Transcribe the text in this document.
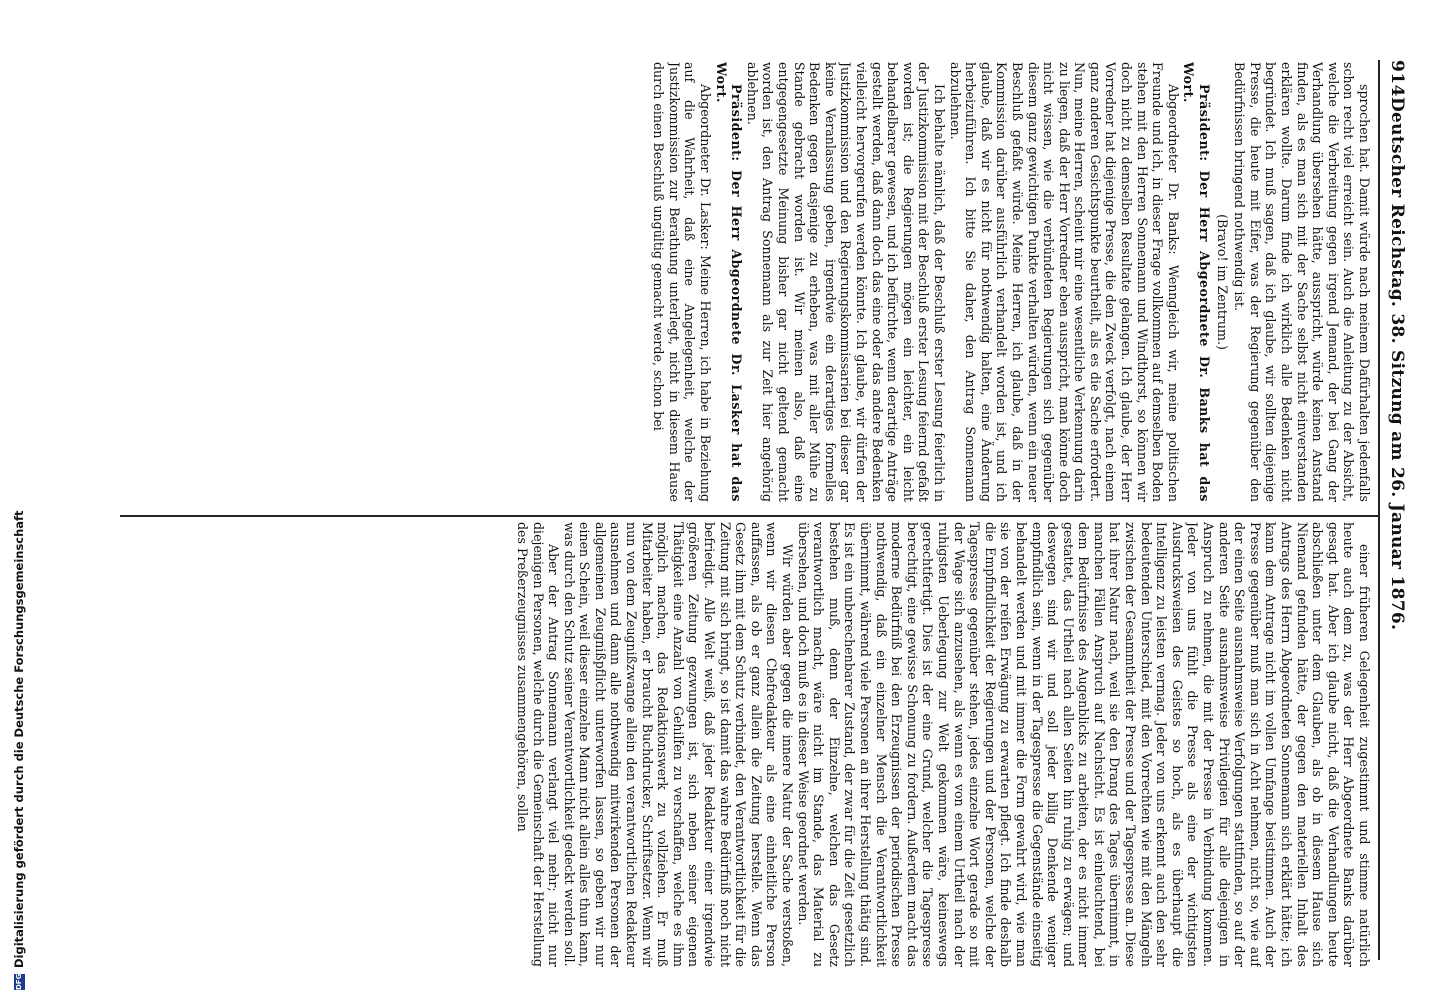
914
Deutscher Reichstag. 38. Sitzung am 26. Januar 1876.

sprochen hat. Damit würde nach meinem Dafürhalten jedenfalls schon recht viel erreicht sein. Auch die Anleitung zu der Absicht, welche die Verbreitung gegen irgend Jemand, der bei Gang der Verhandlung übersehen hätte, ausspricht, würde keinen Anstand finden, als es man sich mit der Sache selbst nicht einverstanden erklären wollte. Darum finde ich wirklich alle Bedenken nicht begründet. Ich muß sagen, daß ich glaube, wir sollten diejenige Presse, die heute mit Eifer, was der Regierung gegenüber den Bedürfnissen bringend nothwendig ist.

(Bravo! im Zentrum.)

Präsident: Der Herr Abgeordnete Dr. Banks hat das Wort.

Abgeordneter Dr. Banks: Wenngleich wir, meine politischen Freunde und ich, in dieser Frage vollkommen auf demselben Boden stehen mit den Herren Sonnemann und Windthorst, so können wir doch nicht zu demselben Resultate gelangen. Ich glaube, der Herr Vorredner hat diejenige Presse, die den Zweck verfolgt, nach einem ganz anderen Gesichtspunkte beurtheilt, als es die Sache erfordert. Nun, meine Herren, scheint mir eine wesentliche Verkennung darin zu liegen, daß der Herr Vorredner eben ausspricht, man könne doch nicht wissen, wie die verbündeten Regierungen sich gegenüber diesem ganz gewichtigen Punkte verhalten würden, wenn ein neuer Beschluß gefaßt würde. Meine Herren, ich glaube, daß in der Kommission darüber ausführlich verhandelt worden ist, und ich glaube, daß wir es nicht für nothwendig halten, eine Änderung herbeizuführen. Ich bitte Sie daher, den Antrag Sonnemann abzulehnen.

Ich behalte nämlich, daß der Beschluß erster Lesung feierlich in der Justizkommission mit der Beschluß erster Lesung feiernd gefaßt worden ist; die Regierungen mögen ein leichter, ein leicht behandelbarer gewesen, und ich befürchte, wenn derartige Anträge gestellt werden, daß dann doch das eine oder das andere Bedenken vielleicht hervorgerufen werden könnte. Ich glaube, wir dürfen der Justizkommission und den Regierungskommissarien bei dieser gar keine Veranlassung geben, irgendwie ein derartiges formelles Bedenken gegen dasjenige zu erheben, was mit aller Mühe zu Stande gebracht worden ist. Wir meinen also, daß eine entgegengesetzte Meinung bisher gar nicht geltend gemacht worden ist, den Antrag Sonnemann als zur Zeit hier angehörig ablehnen.

Präsident: Der Herr Abgeordnete Dr. Lasker hat das Wort.

Abgeordneter Dr. Lasker: Meine Herren, ich habe in Beziehung auf die Wahrheit, daß eine Angelegenheit, welche der Justizkommission zur Berathung unterlegt, nicht in diesem Hause durch einen Beschluß ungültig gemacht werde, schon bei

einer früheren Gelegenheit zugestimmt und stimme natürlich heute auch dem zu, was der Herr Abgeordnete Banks darüber gesagt hat. Aber ich glaube nicht, daß die Verhandlungen heute abschließen unter dem Glauben, als ob in diesem Hause sich Niemand gefunden hätte, der gegen den materiellen Inhalt des Antrags des Herrn Abgeordneten Sonnemann sich erklärt hätte; ich kann dem Antrage nicht im vollen Umfange beistimmen. Auch der Presse gegenüber muß man sich in Acht nehmen, nicht so, wie auf der einen Seite ausnahmsweise Verfolgungen stattfinden, so auf der anderen Seite ausnahmsweise Privilegien für alle diejenigen in Anspruch zu nehmen, die mit der Presse in Verbindung kommen. Jeder von uns fühlt die Presse als eine der wichtigsten Ausdrucksweisen des Geistes so hoch, als es überhaupt die Intelligenz zu leisten vermag. Jeder von uns erkennt auch den sehr bedeutenden Unterschied, mit den Vorrechten wie mit den Mängeln zwischen der Gesammtheit der Presse und der Tagespresse an. Diese hat ihrer Natur nach, weil sie den Drang des Tages übernimmt, in manchen Fällen Anspruch auf Nachsicht. Es ist einleuchtend, bei dem Bedürfnisse des Augenblicks zu arbeiten, der es nicht immer gestattet, das Urtheil nach allen Seiten hin ruhig zu erwägen; und deswegen sind wir und soll jeder billig Denkende weniger empfindlich sein, wenn in der Tagespresse die Gegenstände einseitig behandelt werden und mit immer die Form gewahrt wird, wie man sie von der reifen Erwägung zu erwarten pflegt. Ich finde deshalb die Empfindlichkeit der Regierungen und der Personen, welche der Tagespresse gegenüber stehen, jedes einzelne Wort gerade so mit der Wage sich anzusehen, als wenn es von einem Urtheil nach der ruhigsten Ueberlegung zur Welt gekommen wäre, keineswegs gerechtfertigt. Dies ist der eine Grund, welcher die Tagespresse berechtigt, eine gewisse Schonung zu fordern. Außerdem macht das moderne Bedürfniß bei den Erzeugnissen der periodischen Presse nothwendig, daß ein einzelner Mensch die Verantwortlichkeit übernimmt, während viele Personen an ihrer Herstellung thätig sind. Es ist ein unberechenbarer Zustand, der zwar für die Zeit gesetzlich bestehen muß, denn der Einzelne, welchen das Gesetz verantwortlich macht, wäre nicht im Stande, das Material zu übersehen, und doch muß es in dieser Weise geordnet werden.

Wir würden aber gegen die innere Natur der Sache verstoßen, wenn wir diesen Chefredakteur als eine einheitliche Person auffassen, als ob er ganz allein die Zeitung herstelle. Wenn das Gesetz ihm mit dem Schutz verbindet, den Verantwortlichkeit für die Zeitung mit sich bringt, so ist damit das wahre Bedürfniß noch nicht befriedigt. Alle Welt weiß, daß jeder Redakteur einer irgendwie größeren Zeitung gezwungen ist, sich neben seiner eigenen Thätigkeit eine Anzahl von Gehilfen zu verschaffen, welche es ihm möglich machen, das Redaktionswerk zu vollziehen. Er muß Mitarbeiter haben, er braucht Buchdrucker, Schriftsetzer. Wenn wir nun von dem Zeugnißzwange allein den verantwortlichen Redakteur ausnehmen und dann alle nothwendig mitwirkenden Personen der allgemeinen Zeugnißpflicht unterworfen lassen, so geben wir nur einen Schein, weil dieser einzelne Mann nicht allein alles thun kann, was durch den Schutz seiner Verantwortlichkeit gedeckt werden soll.

Aber der Antrag Sonnemann verlangt viel mehr; nicht nur diejenigen Personen, welche durch die Gemeinschaft der Herstellung des Preßerzeugnisses zusammengehören, sollen

DFG
Digitalisierung gefördert durch die Deutsche Forschungsgemeinschaft
